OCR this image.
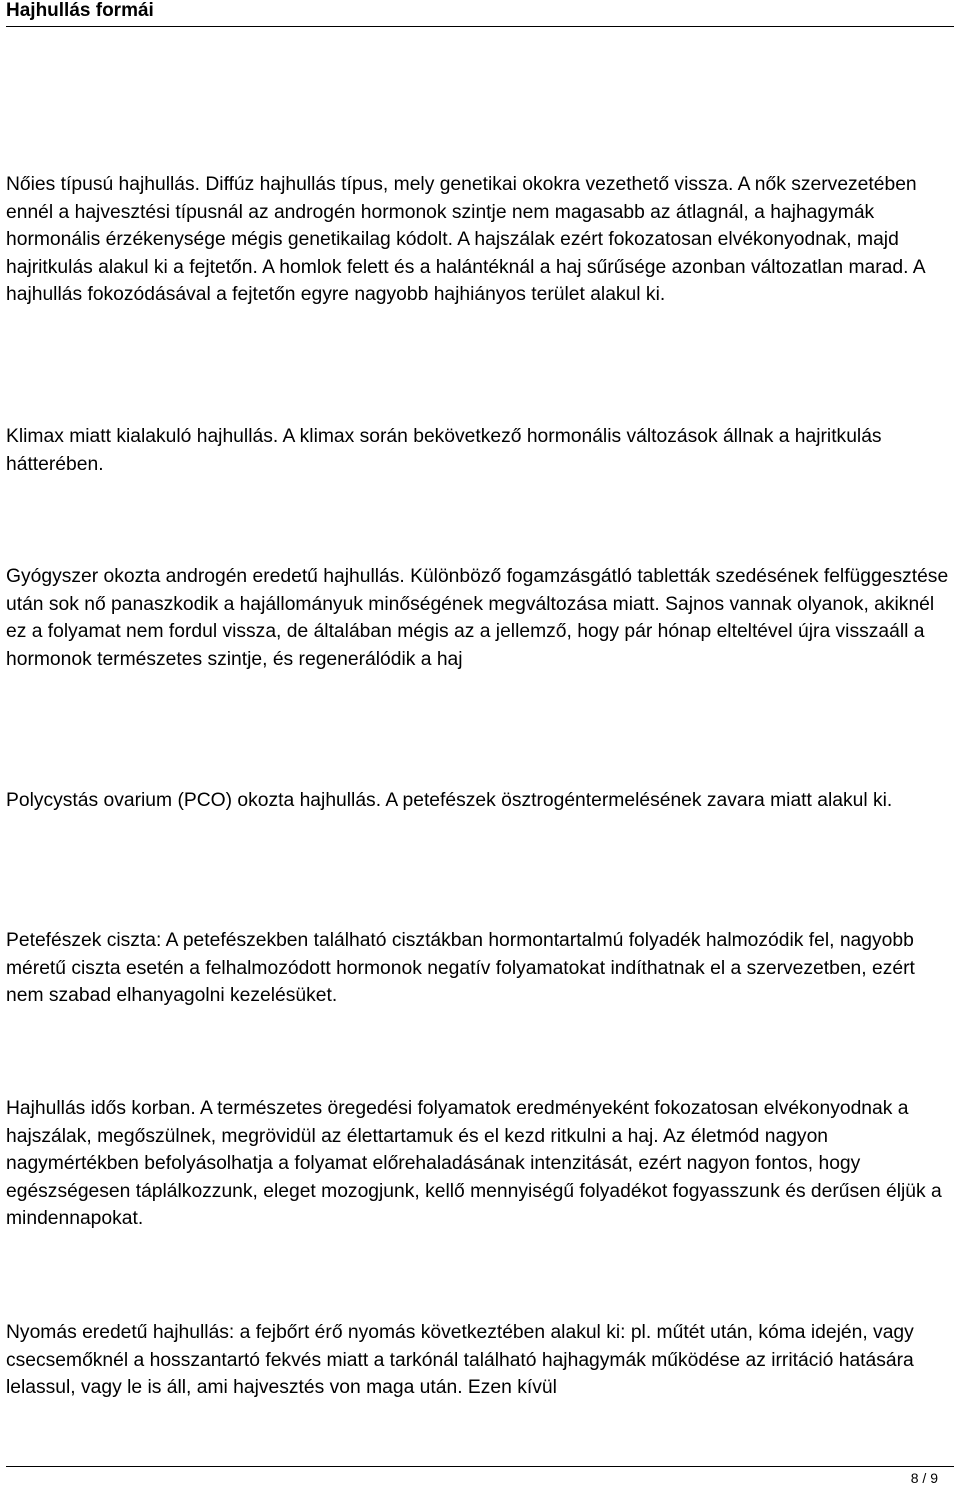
Hajhullás formái

Nőies típusú hajhullás. Diffúz hajhullás típus, mely genetikai okokra vezethető vissza. A nők szervezetében ennél a hajvesztési típusnál az androgén hormonok szintje nem magasabb az átlagnál, a hajhagymák hormonális érzékenysége mégis genetikailag kódolt. A hajszálak ezért fokozatosan elvékonyodnak, majd hajritkulás alakul ki a fejtetőn. A homlok felett és a halántéknál a haj sűrűsége azonban változatlan marad. A hajhullás fokozódásával a fejtetőn egyre nagyobb hajhiányos terület alakul ki.

Klimax miatt kialakuló hajhullás. A klimax során bekövetkező hormonális változások állnak a hajritkulás hátterében.

Gyógyszer okozta androgén eredetű hajhullás. Különböző fogamzásgátló tabletták szedésének felfüggesztése után sok nő panaszkodik a hajállományuk minőségének megváltozása miatt. Sajnos vannak olyanok, akiknél ez a folyamat nem fordul vissza, de általában mégis az a jellemző, hogy pár hónap elteltével újra visszaáll a hormonok természetes szintje, és regenerálódik a haj

Polycystás ovarium (PCO) okozta hajhullás. A petefészek ösztrogéntermelésének zavara miatt alakul ki.

Petefészek ciszta: A petefészekben található cisztákban hormontartalmú folyadék halmozódik fel, nagyobb méretű ciszta esetén a felhalmozódott hormonok negatív folyamatokat indíthatnak el a szervezetben, ezért nem szabad elhanyagolni kezelésüket.

Hajhullás idős korban. A természetes öregedési folyamatok eredményeként fokozatosan elvékonyodnak a hajszálak, megőszülnek, megrövidül az élettartamuk és el kezd ritkulni a haj. Az életmód nagyon nagymértékben befolyásolhatja a folyamat előrehaladásának intenzitását, ezért nagyon fontos, hogy egészségesen táplálkozzunk, eleget mozogjunk, kellő mennyiségű folyadékot fogyasszunk és derűsen éljük a mindennapokat.

Nyomás eredetű hajhullás: a fejbőrt érő nyomás következtében alakul ki: pl. műtét után, kóma idején, vagy csecsemőknél a hosszantartó fekvés miatt a tarkónál található hajhagymák működése az irritáció hatására lelassul, vagy le is áll, ami hajvesztés von maga után. Ezen kívül

8 / 9
